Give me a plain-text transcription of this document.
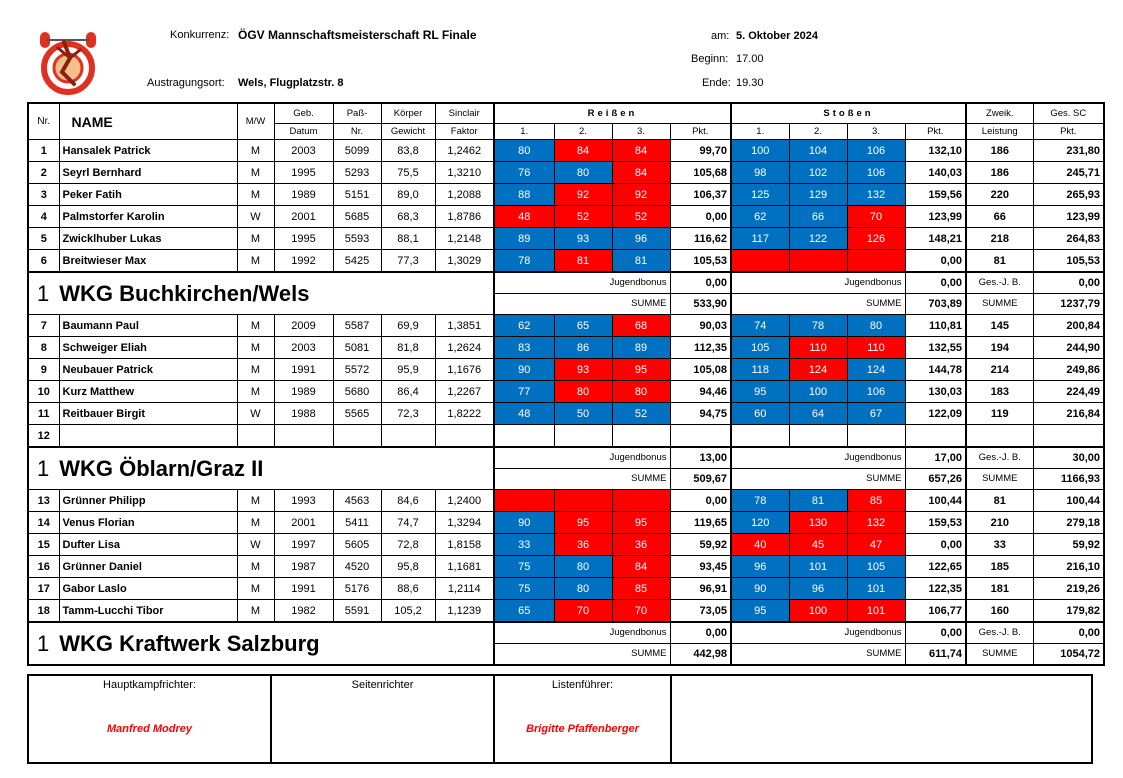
Konkurrenz: ÖGV Mannschaftsmeisterschaft RL Finale
Austragungsort: Wels, Flugplatzstr. 8
am: 5. Oktober 2024
Beginn: 17.00
Ende: 19.30
Nr.	NAME	M/W	Geb.	Paß-	Körper	Sinclair	Reißen				Stoßen				Zweik.	Ges. SC
			Datum	Nr.	Gewicht	Faktor	1.	2.	3.	Pkt.	1.	2.	3.	Pkt.	Leistung	Pkt.
1	Hansalek Patrick	M	2003	5099	83,8	1,2462	80	84	84	99,70	100	104	106	132,10	186	231,80
2	Seyrl Bernhard	M	1995	5293	75,5	1,3210	76	80	84	105,68	98	102	106	140,03	186	245,71
3	Peker Fatih	M	1989	5151	89,0	1,2088	88	92	92	106,37	125	129	132	159,56	220	265,93
4	Palmstorfer Karolin	W	2001	5685	68,3	1,8786	48	52	52	0,00	62	66	70	123,99	66	123,99
5	Zwicklhuber Lukas	M	1995	5593	88,1	1,2148	89	93	96	116,62	117	122	126	148,21	218	264,83
6	Breitwieser Max	M	1992	5425	77,3	1,3029	78	81	81	105,53				0,00	81	105,53
1 WKG Buchkirchen/Wels							Jugendbonus			0,00	Jugendbonus			0,00	Ges.-J. B.	0,00
							SUMME			533,90	SUMME			703,89	SUMME	1237,79
7	Baumann Paul	M	2009	5587	69,9	1,3851	62	65	68	90,03	74	78	80	110,81	145	200,84
8	Schweiger Eliah	M	2003	5081	81,8	1,2624	83	86	89	112,35	105	110	110	132,55	194	244,90
9	Neubauer Patrick	M	1991	5572	95,9	1,1676	90	93	95	105,08	118	124	124	144,78	214	249,86
10	Kurz Matthew	M	1989	5680	86,4	1,2267	77	80	80	94,46	95	100	106	130,03	183	224,49
11	Reitbauer Birgit	W	1988	5565	72,3	1,8222	48	50	52	94,75	60	64	67	122,09	119	216,84
12																
1 WKG Öblarn/Graz II							Jugendbonus			13,00	Jugendbonus			17,00	Ges.-J. B.	30,00
							SUMME			509,67	SUMME			657,26	SUMME	1166,93
13	Grünner Philipp	M	1993	4563	84,6	1,2400				0,00	78	81	85	100,44	81	100,44
14	Venus Florian	M	2001	5411	74,7	1,3294	90	95	95	119,65	120	130	132	159,53	210	279,18
15	Dufter Lisa	W	1997	5605	72,8	1,8158	33	36	36	59,92	40	45	47	0,00	33	59,92
16	Grünner Daniel	M	1987	4520	95,8	1,1681	75	80	84	93,45	96	101	105	122,65	185	216,10
17	Gabor Laslo	M	1991	5176	88,6	1,2114	75	80	85	96,91	90	96	101	122,35	181	219,26
18	Tamm-Lucchi Tibor	M	1982	5591	105,2	1,1239	65	70	70	73,05	95	100	101	106,77	160	179,82
1 WKG Kraftwerk Salzburg							Jugendbonus			0,00	Jugendbonus			0,00	Ges.-J. B.	0,00
							SUMME			442,98	SUMME			611,74	SUMME	1054,72
Hauptkampfrichter:
Manfred Modrey
Seitenrichter	Listenführer:
Brigitte Pfaffenberger
